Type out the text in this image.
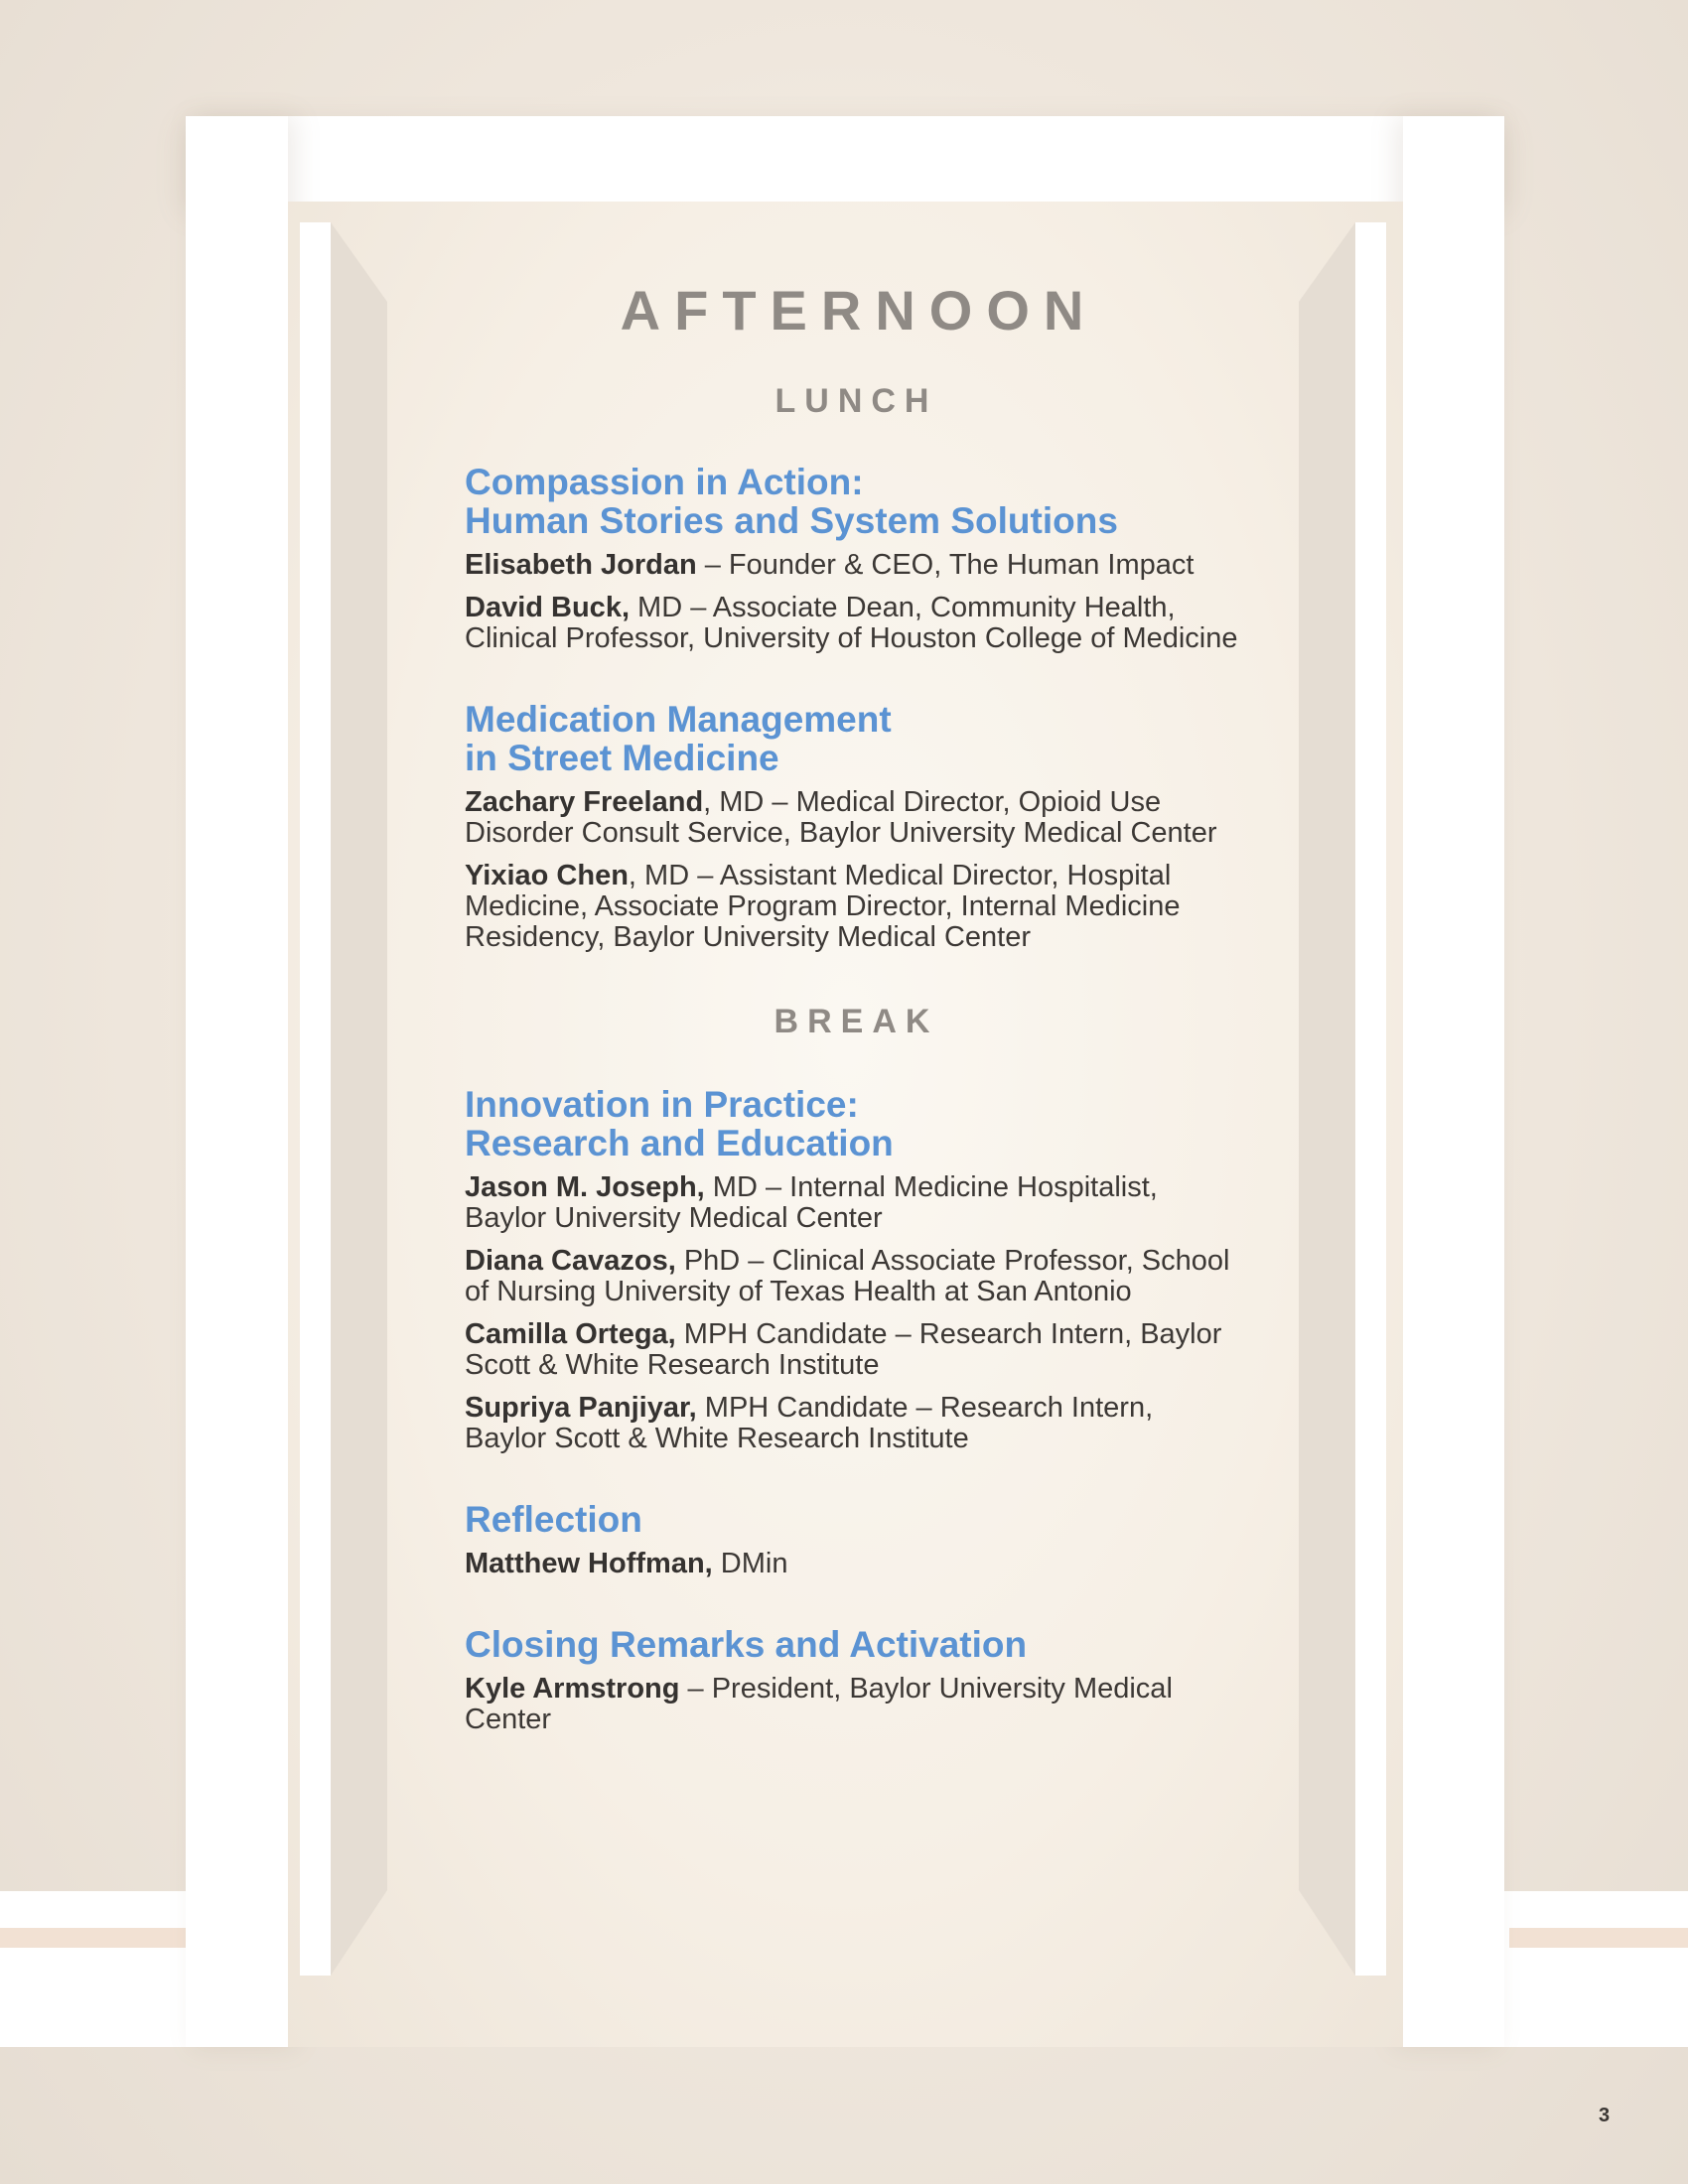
AFTERNOON
LUNCH
Compassion in Action:
Human Stories and System Solutions
Elisabeth Jordan – Founder & CEO, The Human Impact
David Buck, MD – Associate Dean, Community Health, Clinical Professor, University of Houston College of Medicine
Medication Management
in Street Medicine
Zachary Freeland, MD – Medical Director, Opioid Use Disorder Consult Service, Baylor University Medical Center
Yixiao Chen, MD – Assistant Medical Director, Hospital Medicine, Associate Program Director, Internal Medicine Residency, Baylor University Medical Center
BREAK
Innovation in Practice:
Research and Education
Jason M. Joseph, MD – Internal Medicine Hospitalist, Baylor University Medical Center
Diana Cavazos, PhD – Clinical Associate Professor, School of Nursing University of Texas Health at San Antonio
Camilla Ortega, MPH Candidate – Research Intern, Baylor Scott & White Research Institute
Supriya Panjiyar, MPH Candidate – Research Intern, Baylor Scott & White Research Institute
Reflection
Matthew Hoffman, DMin
Closing Remarks and Activation
Kyle Armstrong – President, Baylor University Medical Center
3
